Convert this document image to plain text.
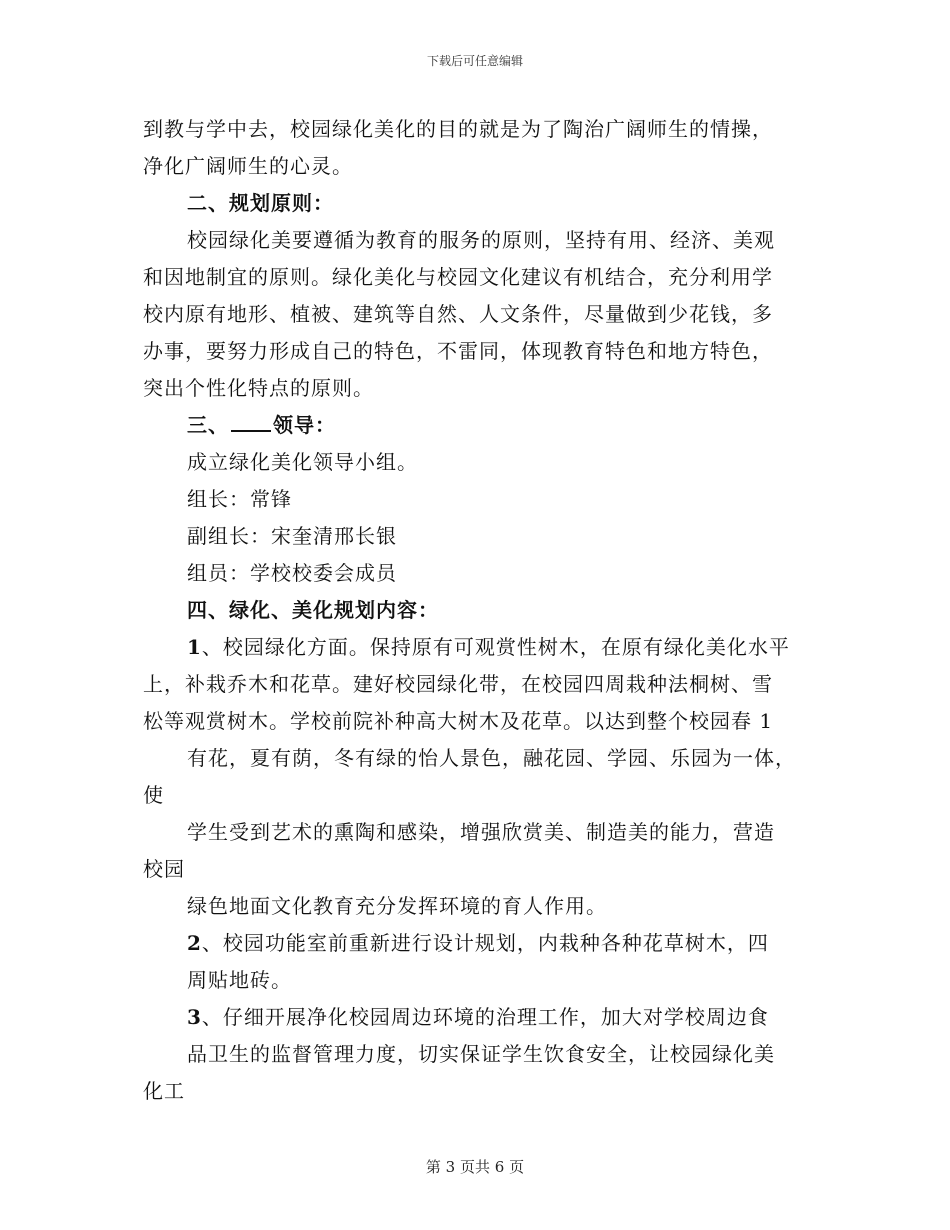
下载后可任意编辑
到教与学中去，校园绿化美化的目的就是为了陶治广阔师生的情操，
净化广阔师生的心灵。
二、规划原则：
校园绿化美要遵循为教育的服务的原则，坚持有用、经济、美观
和因地制宜的原则。绿化美化与校园文化建议有机结合，充分利用学
校内原有地形、植被、建筑等自然、人文条件，尽量做到少花钱，多
办事，要努力形成自己的特色，不雷同，体现教育特色和地方特色，
突出个性化特点的原则。
三、 领导：
成立绿化美化领导小组。
组长：常锋
副组长：宋奎清邢长银
组员：学校校委会成员
四、绿化、美化规划内容：
1、校园绿化方面。保持原有可观赏性树木，在原有绿化美化水平
上，补栽乔木和花草。建好校园绿化带，在校园四周栽种法桐树、雪
松等观赏树木。学校前院补种高大树木及花草。以达到整个校园春 1
有花，夏有荫，冬有绿的怡人景色，融花园、学园、乐园为一体，
使
学生受到艺术的熏陶和感染，增强欣赏美、制造美的能力，营造
校园
绿色地面文化教育充分发挥环境的育人作用。
2、校园功能室前重新进行设计规划，内栽种各种花草树木，四
周贴地砖。
3、仔细开展净化校园周边环境的治理工作，加大对学校周边食
品卫生的监督管理力度，切实保证学生饮食安全，让校园绿化美
化工
第 3 页共 6 页
